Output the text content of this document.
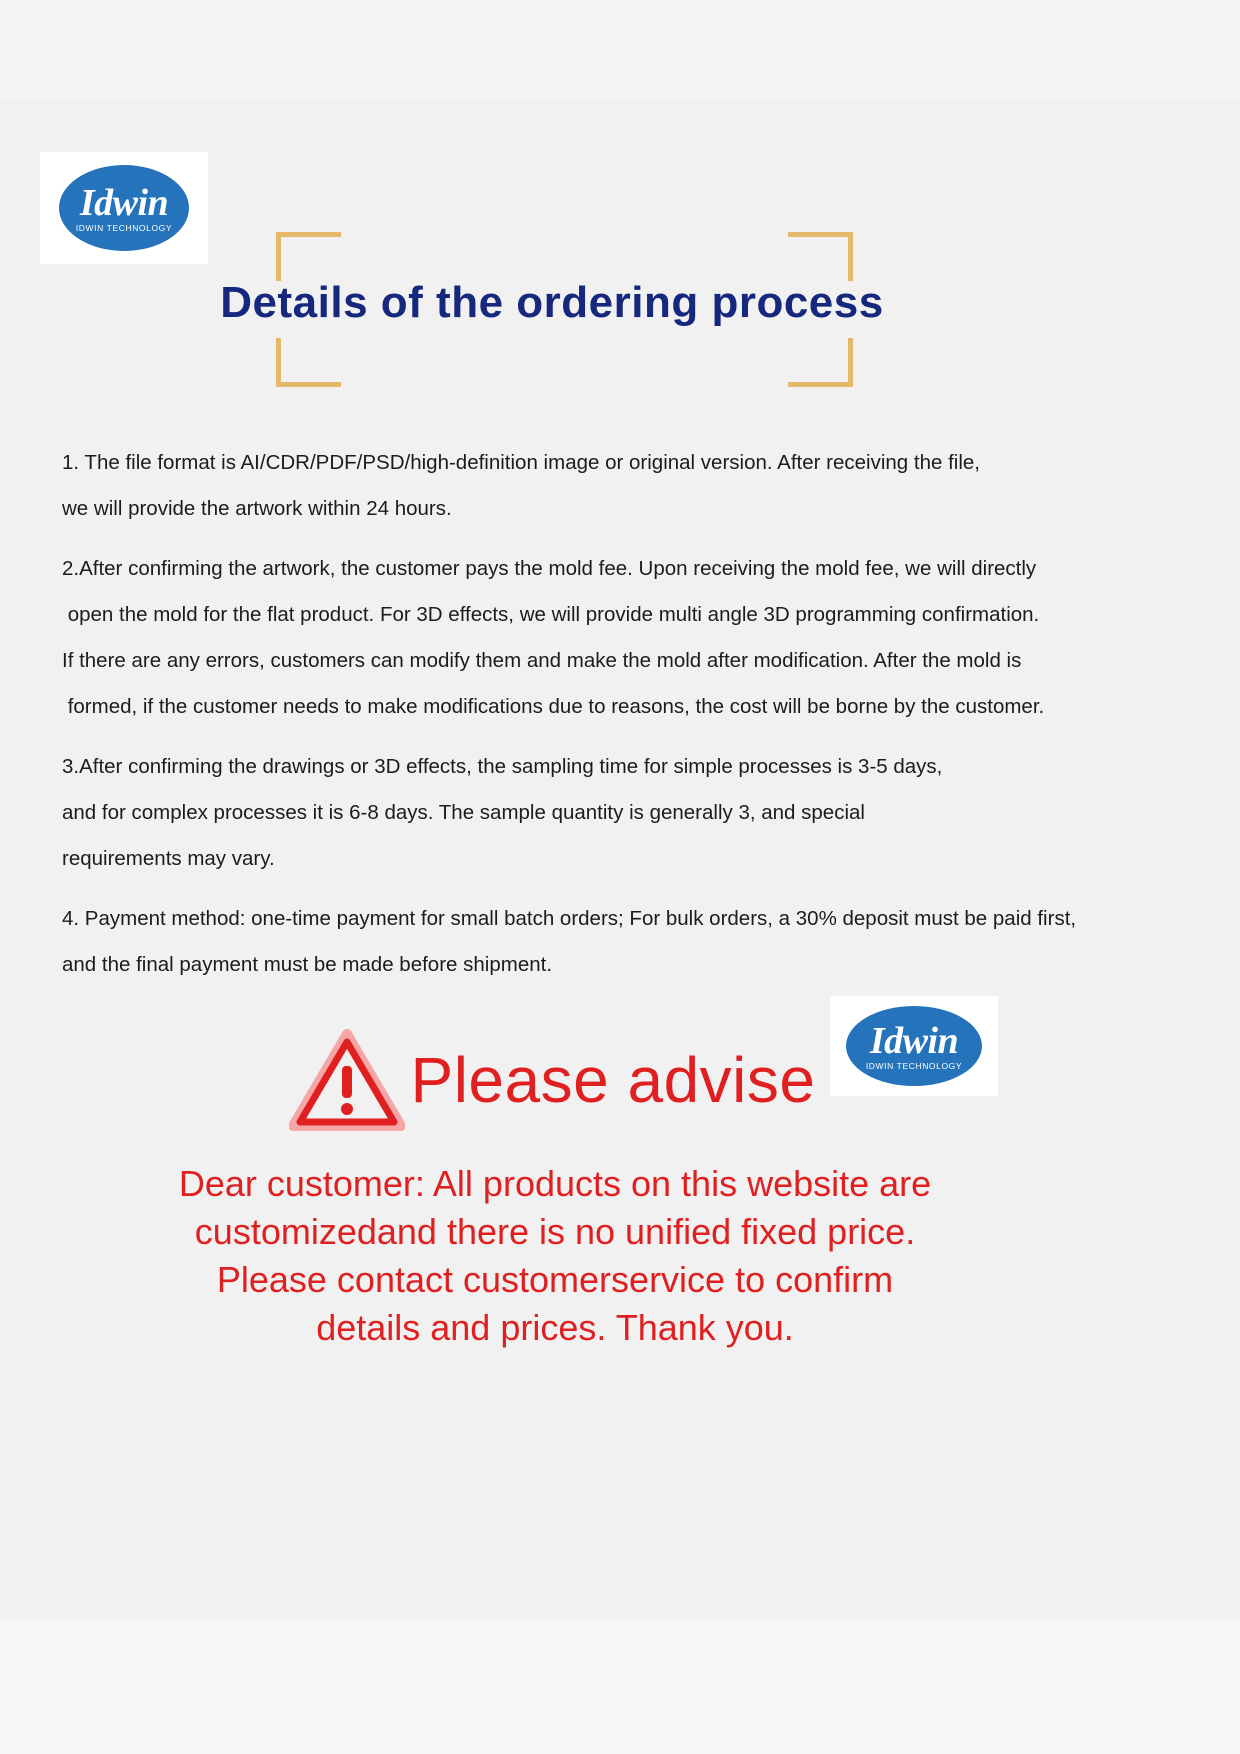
Idwin
IDWIN TECHNOLOGY
Details of the ordering process
1. The file format is AI/CDR/PDF/PSD/high-definition image or original version. After receiving the file,
we will provide the artwork within 24 hours.
2.After confirming the artwork, the customer pays the mold fee. Upon receiving the mold fee, we will directly
open the mold for the flat product. For 3D effects, we will provide multi angle 3D programming confirmation.
If there are any errors, customers can modify them and make the mold after modification. After the mold is
formed, if the customer needs to make modifications due to reasons, the cost will be borne by the customer.
3.After confirming the drawings or 3D effects, the sampling time for simple processes is 3-5 days,
and for complex processes it is 6-8 days. The sample quantity is generally 3, and special
requirements may vary.
4. Payment method: one-time payment for small batch orders; For bulk orders, a 30% deposit must be paid first,
and the final payment must be made before shipment.
Idwin
IDWIN TECHNOLOGY
Please advise
Dear customer: All products on this website are
customizedand there is no unified fixed price.
Please contact customerservice to confirm
details and prices. Thank you.
